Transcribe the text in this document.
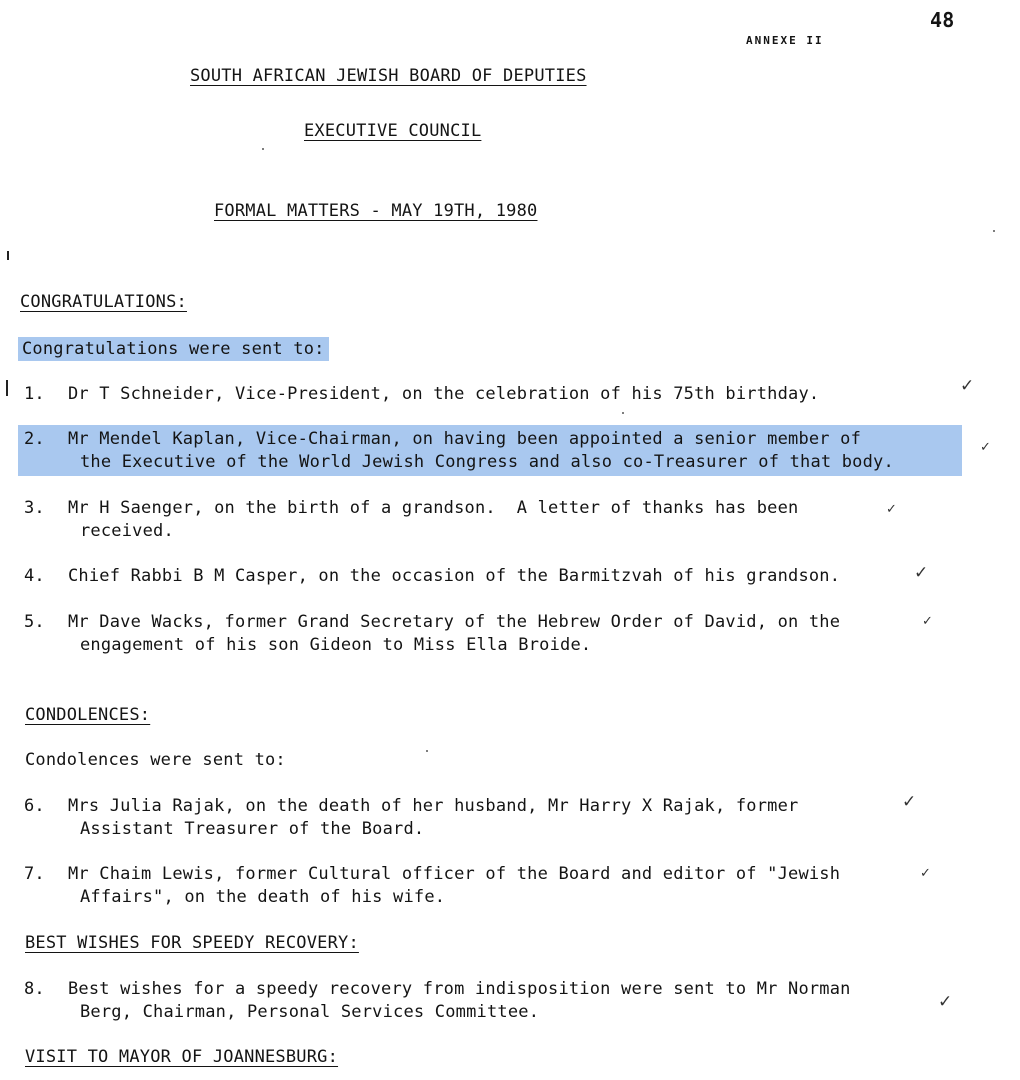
48
ANNEXE II
SOUTH AFRICAN JEWISH BOARD OF DEPUTIES
EXECUTIVE COUNCIL
FORMAL MATTERS - MAY 19TH, 1980
CONGRATULATIONS:
Congratulations were sent to:
1. Dr T Schneider, Vice-President, on the celebration of his 75th birthday.
2. Mr Mendel Kaplan, Vice-Chairman, on having been appointed a senior member of
the Executive of the World Jewish Congress and also co-Treasurer of that body.
3. Mr H Saenger, on the birth of a grandson.  A letter of thanks has been
received.
4. Chief Rabbi B M Casper, on the occasion of the Barmitzvah of his grandson.
5. Mr Dave Wacks, former Grand Secretary of the Hebrew Order of David, on the
engagement of his son Gideon to Miss Ella Broide.
CONDOLENCES:
Condolences were sent to:
6. Mrs Julia Rajak, on the death of her husband, Mr Harry X Rajak, former
Assistant Treasurer of the Board.
7. Mr Chaim Lewis, former Cultural officer of the Board and editor of "Jewish
Affairs", on the death of his wife.
BEST WISHES FOR SPEEDY RECOVERY:
8. Best wishes for a speedy recovery from indisposition were sent to Mr Norman
Berg, Chairman, Personal Services Committee.
VISIT TO MAYOR OF JOANNESBURG:
✓
✓
✓
✓
✓
✓
✓
✓
